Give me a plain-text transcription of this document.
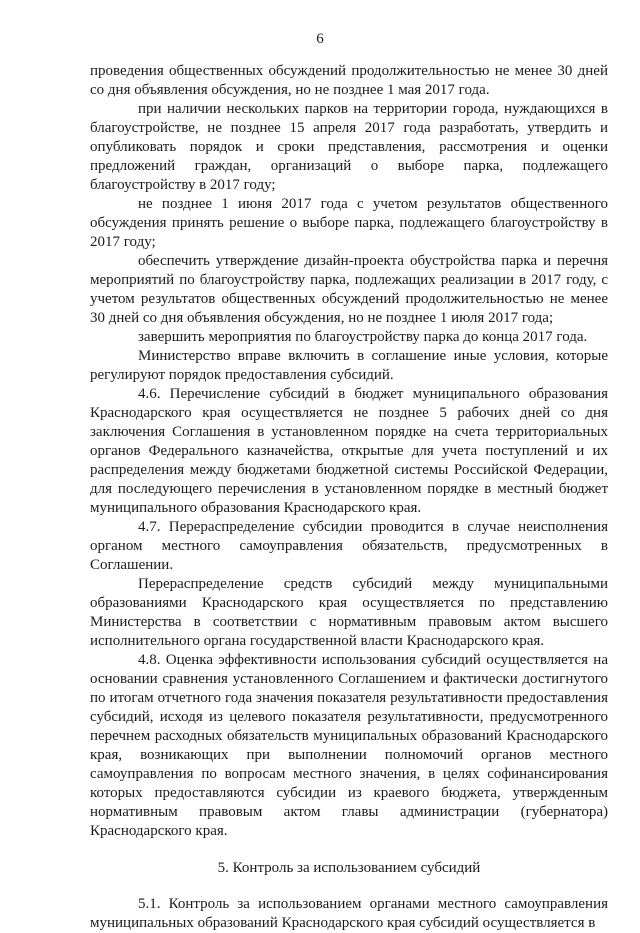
6

проведения общественных обсуждений продолжительностью не менее 30 дней со дня объявления обсуждения, но не позднее 1 мая 2017 года.

при наличии нескольких парков на территории города, нуждающихся в благоустройстве, не позднее 15 апреля 2017 года разработать, утвердить и опубликовать порядок и сроки представления, рассмотрения и оценки предложений граждан, организаций о выборе парка, подлежащего благоустройству в 2017 году;

не позднее 1 июня 2017 года с учетом результатов общественного обсуждения принять решение о выборе парка, подлежащего благоустройству в 2017 году;

обеспечить утверждение дизайн-проекта обустройства парка и перечня мероприятий по благоустройству парка, подлежащих реализации в 2017 году, с учетом результатов общественных обсуждений продолжительностью не менее 30 дней со дня объявления обсуждения, но не позднее 1 июля 2017 года;

завершить мероприятия по благоустройству парка до конца 2017 года.

Министерство вправе включить в соглашение иные условия, которые регулируют порядок предоставления субсидий.

4.6. Перечисление субсидий в бюджет муниципального образования Краснодарского края осуществляется не позднее 5 рабочих дней со дня заключения Соглашения в установленном порядке на счета территориальных органов Федерального казначейства, открытые для учета поступлений и их распределения между бюджетами бюджетной системы Российской Федерации, для последующего перечисления в установленном порядке в местный бюджет муниципального образования Краснодарского края.

4.7. Перераспределение субсидии проводится в случае неисполнения органом местного самоуправления обязательств, предусмотренных в Соглашении.

Перераспределение средств субсидий между муниципальными образованиями Краснодарского края осуществляется по представлению Министерства в соответствии с нормативным правовым актом высшего исполнительного органа государственной власти Краснодарского края.

4.8. Оценка эффективности использования субсидий осуществляется на основании сравнения установленного Соглашением и фактически достигнутого по итогам отчетного года значения показателя результативности предоставления субсидий, исходя из целевого показателя результативности, предусмотренного перечнем расходных обязательств муниципальных образований Краснодарского края, возникающих при выполнении полномочий органов местного самоуправления по вопросам местного значения, в целях софинансирования которых предоставляются субсидии из краевого бюджета, утвержденным нормативным правовым актом главы администрации (губернатора) Краснодарского края.

5. Контроль за использованием субсидий

5.1. Контроль за использованием органами местного самоуправления муниципальных образований Краснодарского края субсидий осуществляется в
